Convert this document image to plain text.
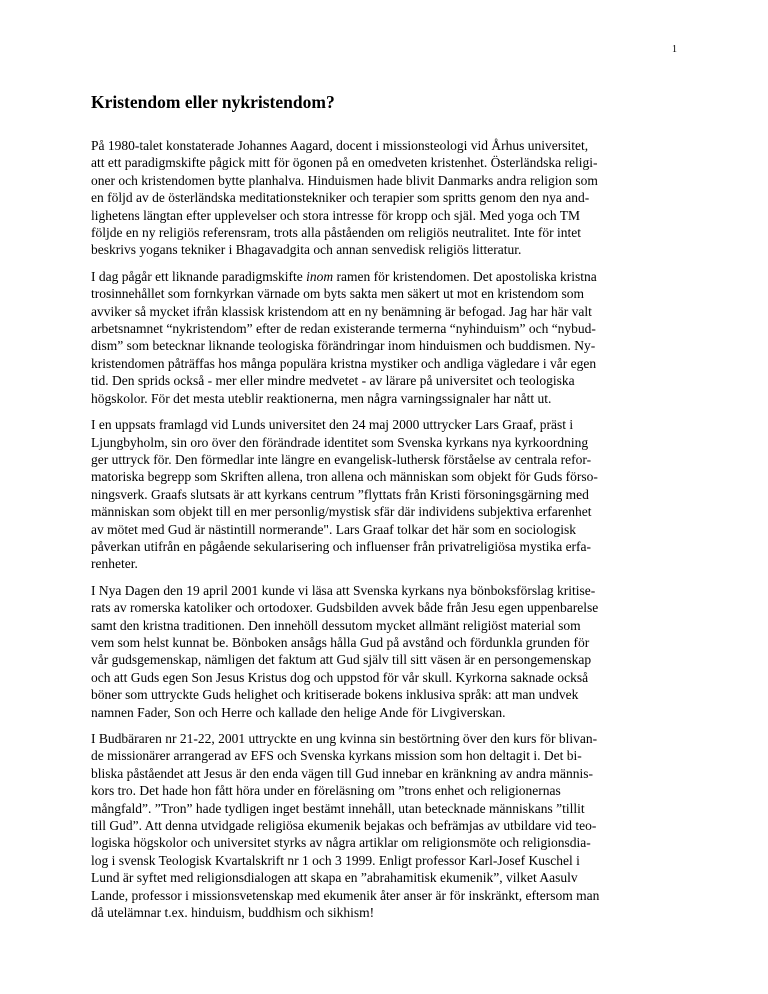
1
Kristendom eller nykristendom?

På 1980-talet konstaterade Johannes Aagard, docent i missionsteologi vid Århus universitet,
att ett paradigmskifte pågick mitt för ögonen på en omedveten kristenhet. Österländska religi-
oner och kristendomen bytte planhalva. Hinduismen hade blivit Danmarks andra religion som
en följd av de österländska meditationstekniker och terapier som spritts genom den nya and-
lighetens längtan efter upplevelser och stora intresse för kropp och själ. Med yoga och TM
följde en ny religiös referensram, trots alla påståenden om religiös neutralitet. Inte för intet
beskrivs yogans tekniker i Bhagavadgita och annan senvedisk religiös litteratur.

I dag pågår ett liknande paradigmskifte inom ramen för kristendomen. Det apostoliska kristna
trosinnehållet som fornkyrkan värnade om byts sakta men säkert ut mot en kristendom som
avviker så mycket ifrån klassisk kristendom att en ny benämning är befogad. Jag har här valt
arbetsnamnet “nykristendom” efter de redan existerande termerna “nyhinduism” och “nybud-
dism” som betecknar liknande teologiska förändringar inom hinduismen och buddismen. Ny-
kristendomen påträffas hos många populära kristna mystiker och andliga vägledare i vår egen
tid. Den sprids också - mer eller mindre medvetet - av lärare på universitet och teologiska
högskolor. För det mesta uteblir reaktionerna, men några varningssignaler har nått ut.

I en uppsats framlagd vid Lunds universitet den 24 maj 2000 uttrycker Lars Graaf, präst i
Ljungbyholm, sin oro över den förändrade identitet som Svenska kyrkans nya kyrkoordning
ger uttryck för. Den förmedlar inte längre en evangelisk-luthersk förståelse av centrala refor-
matoriska begrepp som Skriften allena, tron allena och människan som objekt för Guds förso-
ningsverk. Graafs slutsats är att kyrkans centrum ”flyttats från Kristi försoningsgärning med
människan som objekt till en mer personlig/mystisk sfär där individens subjektiva erfarenhet
av mötet med Gud är nästintill normerande". Lars Graaf tolkar det här som en sociologisk
påverkan utifrån en pågående sekularisering och influenser från privatreligiösa mystika erfa-
renheter.

I Nya Dagen den 19 april 2001 kunde vi läsa att Svenska kyrkans nya bönboksförslag kritise-
rats av romerska katoliker och ortodoxer. Gudsbilden avvek både från Jesu egen uppenbarelse
samt den kristna traditionen. Den innehöll dessutom mycket allmänt religiöst material som
vem som helst kunnat be. Bönboken ansågs hålla Gud på avstånd och fördunkla grunden för
vår gudsgemenskap, nämligen det faktum att Gud själv till sitt väsen är en persongemenskap
och att Guds egen Son Jesus Kristus dog och uppstod för vår skull. Kyrkorna saknade också
böner som uttryckte Guds helighet och kritiserade bokens inklusiva språk: att man undvek
namnen Fader, Son och Herre och kallade den helige Ande för Livgiverskan.

I Budbäraren nr 21-22, 2001 uttryckte en ung kvinna sin bestörtning över den kurs för blivan-
de missionärer arrangerad av EFS och Svenska kyrkans mission som hon deltagit i. Det bi-
bliska påståendet att Jesus är den enda vägen till Gud innebar en kränkning av andra männis-
kors tro. Det hade hon fått höra under en föreläsning om ”trons enhet och religionernas
mångfald”. ”Tron” hade tydligen inget bestämt innehåll, utan betecknade människans ”tillit
till Gud”. Att denna utvidgade religiösa ekumenik bejakas och befrämjas av utbildare vid teo-
logiska högskolor och universitet styrks av några artiklar om religionsmöte och religionsdia-
log i svensk Teologisk Kvartalskrift nr 1 och 3 1999. Enligt professor Karl-Josef Kuschel i
Lund är syftet med religionsdialogen att skapa en ”abrahamitisk ekumenik”, vilket Aasulv
Lande, professor i missionsvetenskap med ekumenik åter anser är för inskränkt, eftersom man
då utelämnar t.ex. hinduism, buddhism och sikhism!
